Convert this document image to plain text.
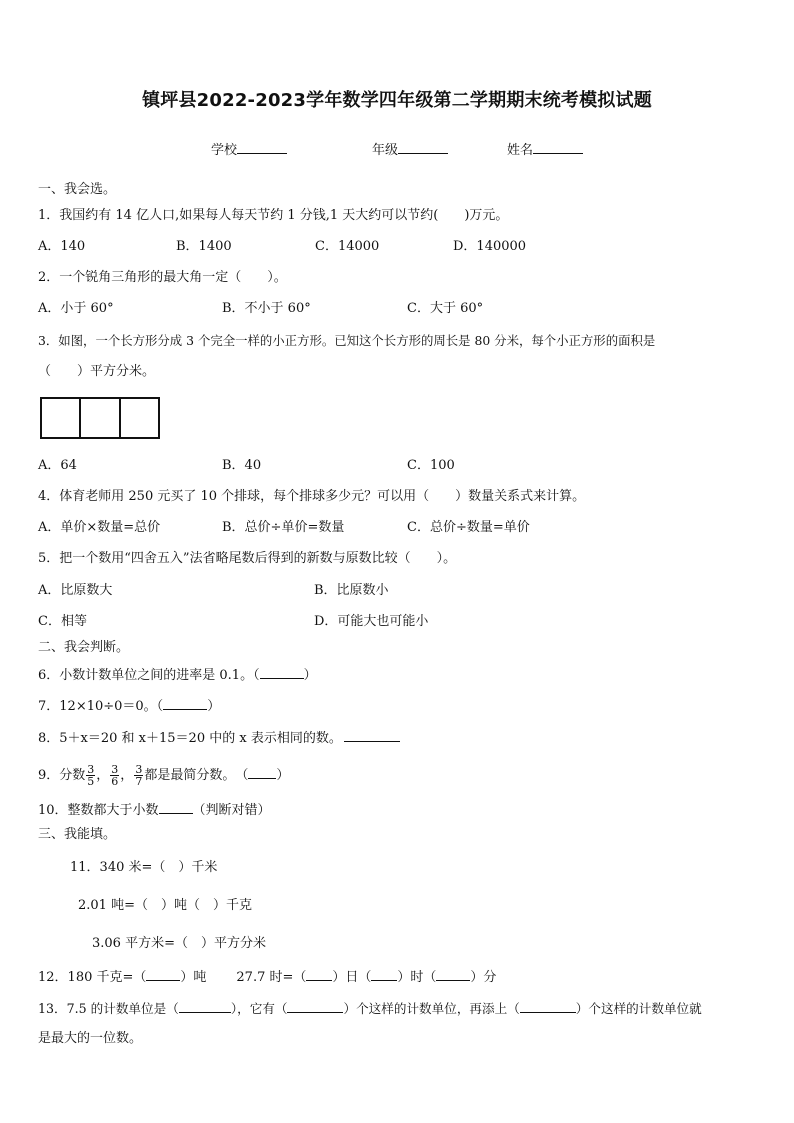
镇坪县2022-2023学年数学四年级第二学期期末统考模拟试题
学校	年级	姓名
一、我会选。
1．我国约有 14 亿人口,如果每人每天节约 1 分钱,1 天大约可以节约(　　)万元。
A．140	B．1400	C．14000	D．140000
2．一个锐角三角形的最大角一定（　　）。
A．小于 60°	B．不小于 60°	C．大于 60°
3．如图，一个长方形分成 3 个完全一样的小正方形。已知这个长方形的周长是 80 分米，每个小正方形的面积是
（　　）平方分米。
A．64	B．40	C．100
4．体育老师用 250 元买了 10 个排球，每个排球多少元？可以用（　　）数量关系式来计算。
A．单价×数量=总价	B．总价÷单价=数量	C．总价÷数量=单价
5．把一个数用“四舍五入”法省略尾数后得到的新数与原数比较（　　）。
A．比原数大	B．比原数小
C．相等	D．可能大也可能小
二、我会判断。
6．小数计数单位之间的进率是 0.1。（	）
7．12×10÷0＝0。（	）
8．5＋x＝20 和 x＋15＝20 中的 x 表示相同的数。
9．分数 $\frac{3}{5}$ ， $\frac{3}{6}$ ， $\frac{3}{7}$ 都是最简分数。　（ ）
10．整数都大于小数	（判断对错）
三、我能填。
11．340 米=（　）千米
2.01 吨=（　）吨（　）千克
3.06 平方米=（　）平方分米
12．180 千克=（	）吨 27.7 时=（ ）日（ ）时（	）分
13．7.5 的计数单位是（	），它有（	）个这样的计数单位，再添上（	）个这样的计数单位就
是最大的一位数。
